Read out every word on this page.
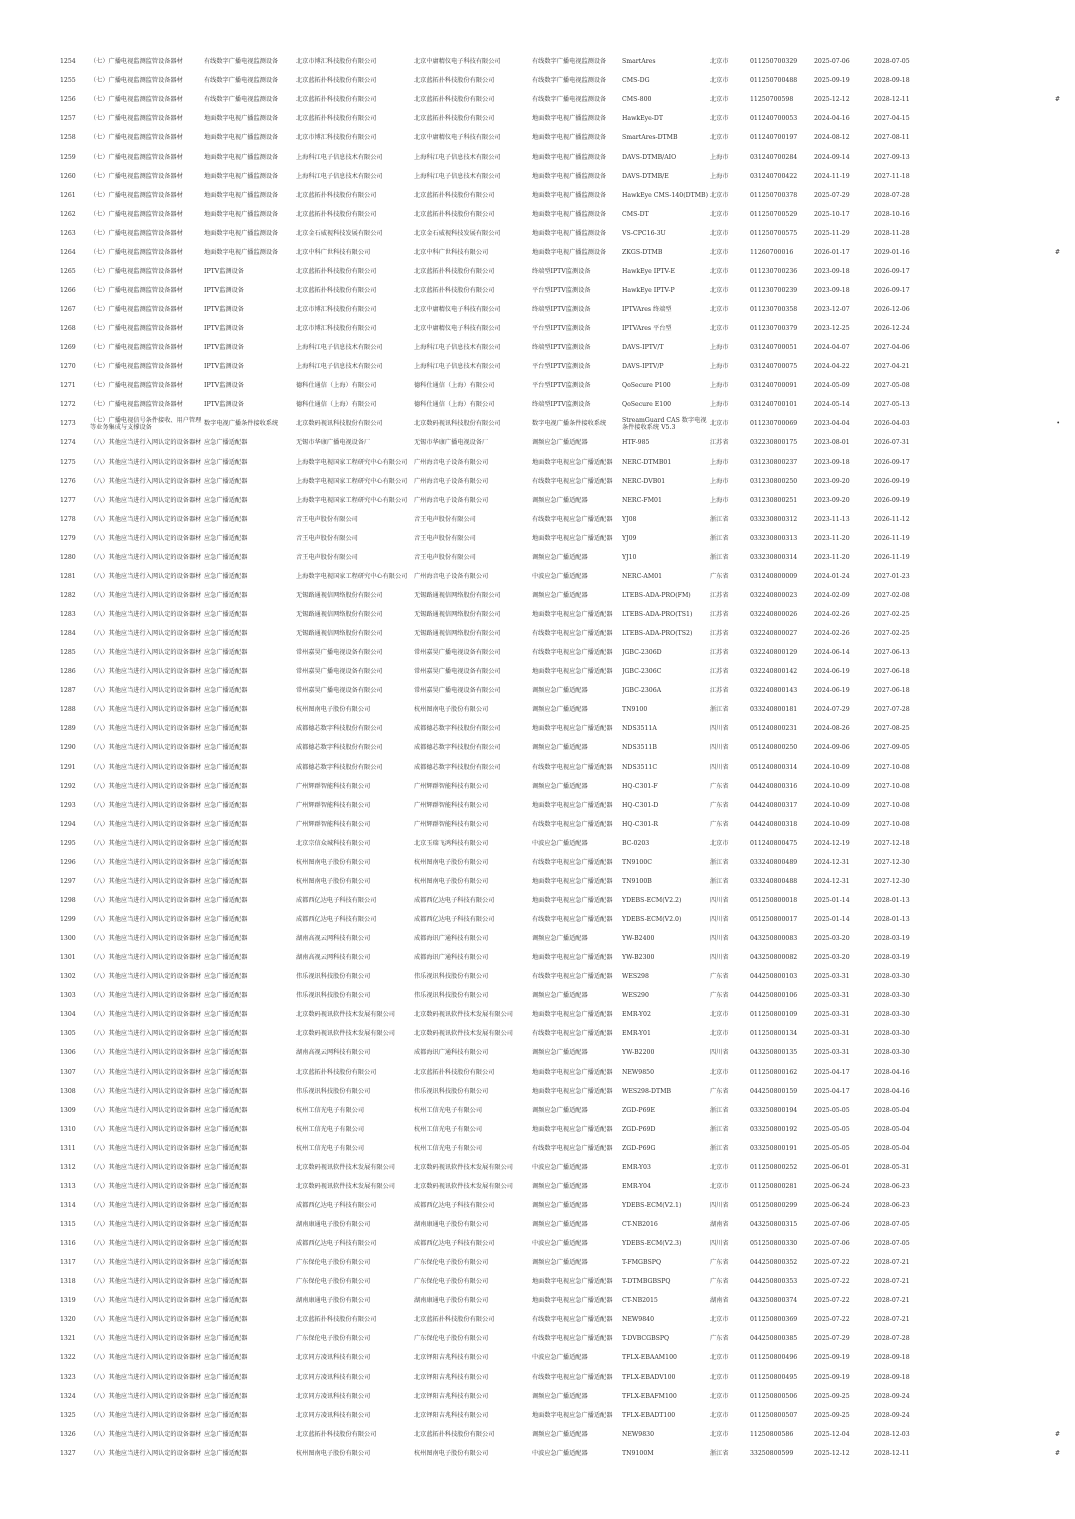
1254	（七）广播电视监测监管设备器材	有线数字广播电视监测设备	北京市博汇科技股份有限公司	北京中庸精仪电子科技有限公司	有线数字广播电视监测设备	SmartAres	北京市	011250700329	2025-07-06	2028-07-05	
1255	（七）广播电视监测监管设备器材	有线数字广播电视监测设备	北京蓝拓扑科技股份有限公司	北京蓝拓扑科技股份有限公司	有线数字广播电视监测设备	CMS-DG	北京市	011250700488	2025-09-19	2028-09-18	
1256	（七）广播电视监测监管设备器材	有线数字广播电视监测设备	北京蓝拓扑科技股份有限公司	北京蓝拓扑科技股份有限公司	有线数字广播电视监测设备	CMS-800	北京市	11250700598	2025-12-12	2028-12-11	#
1257	（七）广播电视监测监管设备器材	地面数字电视广播监测设备	北京蓝拓扑科技股份有限公司	北京蓝拓扑科技股份有限公司	地面数字电视广播监测设备	HawkEye-DT	北京市	011240700053	2024-04-16	2027-04-15	
1258	（七）广播电视监测监管设备器材	地面数字电视广播监测设备	北京市博汇科技股份有限公司	北京中庸精仪电子科技有限公司	地面数字电视广播监测设备	SmartAres-DTMB	北京市	011240700197	2024-08-12	2027-08-11	
1259	（七）广播电视监测监管设备器材	地面数字电视广播监测设备	上海科江电子信息技术有限公司	上海科江电子信息技术有限公司	地面数字电视广播监测设备	DAVS-DTMB/AIO	上海市	031240700284	2024-09-14	2027-09-13	
1260	（七）广播电视监测监管设备器材	地面数字电视广播监测设备	上海科江电子信息技术有限公司	上海科江电子信息技术有限公司	地面数字电视广播监测设备	DAVS-DTMB/E	上海市	031240700422	2024-11-19	2027-11-18	
1261	（七）广播电视监测监管设备器材	地面数字电视广播监测设备	北京蓝拓扑科技股份有限公司	北京蓝拓扑科技股份有限公司	地面数字电视广播监测设备	HawkEye CMS-140(DTMB)	北京市	011250700378	2025-07-29	2028-07-28	
1262	（七）广播电视监测监管设备器材	地面数字电视广播监测设备	北京蓝拓扑科技股份有限公司	北京蓝拓扑科技股份有限公司	地面数字电视广播监测设备	CMS-DT	北京市	011250700529	2025-10-17	2028-10-16	
1263	（七）广播电视监测监管设备器材	地面数字电视广播监测设备	北京金石威视科技发展有限公司	北京金石威视科技发展有限公司	地面数字电视广播监测设备	VS-CPC16-3U	北京市	011250700575	2025-11-29	2028-11-28	
1264	（七）广播电视监测监管设备器材	地面数字电视广播监测设备	北京中科广世科技有限公司	北京中科广世科技有限公司	地面数字电视广播监测设备	ZKGS-DTMB	北京市	11260700016	2026-01-17	2029-01-16	#
1265	（七）广播电视监测监管设备器材	IPTV监测设备	北京蓝拓扑科技股份有限公司	北京蓝拓扑科技股份有限公司	终端型IPTV监测设备	HawkEye IPTV-E	北京市	011230700236	2023-09-18	2026-09-17	
1266	（七）广播电视监测监管设备器材	IPTV监测设备	北京蓝拓扑科技股份有限公司	北京蓝拓扑科技股份有限公司	平台型IPTV监测设备	HawkEye IPTV-P	北京市	011230700239	2023-09-18	2026-09-17	
1267	（七）广播电视监测监管设备器材	IPTV监测设备	北京市博汇科技股份有限公司	北京中庸精仪电子科技有限公司	终端型IPTV监测设备	IPTVAres 终端型	北京市	011230700358	2023-12-07	2026-12-06	
1268	（七）广播电视监测监管设备器材	IPTV监测设备	北京市博汇科技股份有限公司	北京中庸精仪电子科技有限公司	平台型IPTV监测设备	IPTVAres 平台型	北京市	011230700379	2023-12-25	2026-12-24	
1269	（七）广播电视监测监管设备器材	IPTV监测设备	上海科江电子信息技术有限公司	上海科江电子信息技术有限公司	终端型IPTV监测设备	DAVS-IPTV/T	上海市	031240700051	2024-04-07	2027-04-06	
1270	（七）广播电视监测监管设备器材	IPTV监测设备	上海科江电子信息技术有限公司	上海科江电子信息技术有限公司	平台型IPTV监测设备	DAVS-IPTV/P	上海市	031240700075	2024-04-22	2027-04-21	
1271	（七）广播电视监测监管设备器材	IPTV监测设备	德科仕通信（上海）有限公司	德科仕通信（上海）有限公司	平台型IPTV监测设备	QoSecure P100	上海市	031240700091	2024-05-09	2027-05-08	
1272	（七）广播电视监测监管设备器材	IPTV监测设备	德科仕通信（上海）有限公司	德科仕通信（上海）有限公司	终端型IPTV监测设备	QoSecure E100	上海市	031240700101	2024-05-14	2027-05-13	
1273	（七）广播电视信号条件接收、用户管理等业务集成与支撑设备	数字电视广播条件接收系统	北京数码视讯科技股份有限公司	北京数码视讯科技股份有限公司	数字电视广播条件接收系统	StreamGuard CAS 数字电视条件接收系统 V5.3	北京市	011230700069	2023-04-04	2026-04-03	•
1274	（八）其他应当进行入网认定的设备器材	应急广播适配器	无锡市华康广播电视设备厂	无锡市华康广播电视设备厂	调频应急广播适配器	HTF-985	江苏省	032230800175	2023-08-01	2026-07-31	
1275	（八）其他应当进行入网认定的设备器材	应急广播适配器	上海数字电视国家工程研究中心有限公司	广州海音电子设备有限公司	地面数字电视应急广播适配器	NERC-DTMB01	上海市	031230800237	2023-09-18	2026-09-17	
1276	（八）其他应当进行入网认定的设备器材	应急广播适配器	上海数字电视国家工程研究中心有限公司	广州海音电子设备有限公司	有线数字电视应急广播适配器	NERC-DVB01	上海市	031230800250	2023-09-20	2026-09-19	
1277	（八）其他应当进行入网认定的设备器材	应急广播适配器	上海数字电视国家工程研究中心有限公司	广州海音电子设备有限公司	调频应急广播适配器	NERC-FM01	上海市	031230800251	2023-09-20	2026-09-19	
1278	（八）其他应当进行入网认定的设备器材	应急广播适配器	音王电声股份有限公司	音王电声股份有限公司	有线数字电视应急广播适配器	YJ08	浙江省	033230800312	2023-11-13	2026-11-12	
1279	（八）其他应当进行入网认定的设备器材	应急广播适配器	音王电声股份有限公司	音王电声股份有限公司	地面数字电视应急广播适配器	YJ09	浙江省	033230800313	2023-11-20	2026-11-19	
1280	（八）其他应当进行入网认定的设备器材	应急广播适配器	音王电声股份有限公司	音王电声股份有限公司	调频应急广播适配器	YJ10	浙江省	033230800314	2023-11-20	2026-11-19	
1281	（八）其他应当进行入网认定的设备器材	应急广播适配器	上海数字电视国家工程研究中心有限公司	广州海音电子设备有限公司	中波应急广播适配器	NERC-AM01	广东省	031240800009	2024-01-24	2027-01-23	
1282	（八）其他应当进行入网认定的设备器材	应急广播适配器	无锡路通视信网络股份有限公司	无锡路通视信网络股份有限公司	调频应急广播适配器	LTEBS-ADA-PRO(FM)	江苏省	032240800023	2024-02-09	2027-02-08	
1283	（八）其他应当进行入网认定的设备器材	应急广播适配器	无锡路通视信网络股份有限公司	无锡路通视信网络股份有限公司	地面数字电视应急广播适配器	LTEBS-ADA-PRO(TS1)	江苏省	032240800026	2024-02-26	2027-02-25	
1284	（八）其他应当进行入网认定的设备器材	应急广播适配器	无锡路通视信网络股份有限公司	无锡路通视信网络股份有限公司	有线数字电视应急广播适配器	LTEBS-ADA-PRO(TS2)	江苏省	032240800027	2024-02-26	2027-02-25	
1285	（八）其他应当进行入网认定的设备器材	应急广播适配器	常州嘉昊广播电视设备有限公司	常州嘉昊广播电视设备有限公司	有线数字电视应急广播适配器	JGBC-2306D	江苏省	032240800129	2024-06-14	2027-06-13	
1286	（八）其他应当进行入网认定的设备器材	应急广播适配器	常州嘉昊广播电视设备有限公司	常州嘉昊广播电视设备有限公司	地面数字电视应急广播适配器	JGBC-2306C	江苏省	032240800142	2024-06-19	2027-06-18	
1287	（八）其他应当进行入网认定的设备器材	应急广播适配器	常州嘉昊广播电视设备有限公司	常州嘉昊广播电视设备有限公司	调频应急广播适配器	JGBC-2306A	江苏省	032240800143	2024-06-19	2027-06-18	
1288	（八）其他应当进行入网认定的设备器材	应急广播适配器	杭州图南电子股份有限公司	杭州图南电子股份有限公司	调频应急广播适配器	TN9100	浙江省	033240800181	2024-07-29	2027-07-28	
1289	（八）其他应当进行入网认定的设备器材	应急广播适配器	成都德芯数字科技股份有限公司	成都德芯数字科技股份有限公司	地面数字电视应急广播适配器	NDS3511A	四川省	051240800231	2024-08-26	2027-08-25	
1290	（八）其他应当进行入网认定的设备器材	应急广播适配器	成都德芯数字科技股份有限公司	成都德芯数字科技股份有限公司	调频应急广播适配器	NDS3511B	四川省	051240800250	2024-09-06	2027-09-05	
1291	（八）其他应当进行入网认定的设备器材	应急广播适配器	成都德芯数字科技股份有限公司	成都德芯数字科技股份有限公司	有线数字电视应急广播适配器	NDS3511C	四川省	051240800314	2024-10-09	2027-10-08	
1292	（八）其他应当进行入网认定的设备器材	应急广播适配器	广州辉群智能科技有限公司	广州辉群智能科技有限公司	调频应急广播适配器	HQ-C301-F	广东省	044240800316	2024-10-09	2027-10-08	
1293	（八）其他应当进行入网认定的设备器材	应急广播适配器	广州辉群智能科技有限公司	广州辉群智能科技有限公司	地面数字电视应急广播适配器	HQ-C301-D	广东省	044240800317	2024-10-09	2027-10-08	
1294	（八）其他应当进行入网认定的设备器材	应急广播适配器	广州辉群智能科技有限公司	广州辉群智能科技有限公司	有线数字电视应急广播适配器	HQ-C301-R	广东省	044240800318	2024-10-09	2027-10-08	
1295	（八）其他应当进行入网认定的设备器材	应急广播适配器	北京宗信众城科技有限公司	北京玉瑞飞鸿科技有限公司	中波应急广播适配器	BC-0203	北京市	011240800475	2024-12-19	2027-12-18	
1296	（八）其他应当进行入网认定的设备器材	应急广播适配器	杭州图南电子股份有限公司	杭州图南电子股份有限公司	有线数字电视应急广播适配器	TN9100C	浙江省	033240800489	2024-12-31	2027-12-30	
1297	（八）其他应当进行入网认定的设备器材	应急广播适配器	杭州图南电子股份有限公司	杭州图南电子股份有限公司	地面数字电视应急广播适配器	TN9100B	浙江省	033240800488	2024-12-31	2027-12-30	
1298	（八）其他应当进行入网认定的设备器材	应急广播适配器	成都西亿达电子科技有限公司	成都西亿达电子科技有限公司	地面数字电视应急广播适配器	YDEBS-ECM(V2.2)	四川省	051250800018	2025-01-14	2028-01-13	
1299	（八）其他应当进行入网认定的设备器材	应急广播适配器	成都西亿达电子科技有限公司	成都西亿达电子科技有限公司	有线数字电视应急广播适配器	YDEBS-ECM(V2.0)	四川省	051250800017	2025-01-14	2028-01-13	
1300	（八）其他应当进行入网认定的设备器材	应急广播适配器	湖南高视云网科技有限公司	成都海讯广通科技有限公司	调频应急广播适配器	YW-B2400	四川省	043250800083	2025-03-20	2028-03-19	
1301	（八）其他应当进行入网认定的设备器材	应急广播适配器	湖南高视云网科技有限公司	成都海讯广通科技有限公司	地面数字电视应急广播适配器	YW-B2300	四川省	043250800082	2025-03-20	2028-03-19	
1302	（八）其他应当进行入网认定的设备器材	应急广播适配器	伟乐视讯科技股份有限公司	伟乐视讯科技股份有限公司	有线数字电视应急广播适配器	WES298	广东省	044250800103	2025-03-31	2028-03-30	
1303	（八）其他应当进行入网认定的设备器材	应急广播适配器	伟乐视讯科技股份有限公司	伟乐视讯科技股份有限公司	调频应急广播适配器	WES290	广东省	044250800106	2025-03-31	2028-03-30	
1304	（八）其他应当进行入网认定的设备器材	应急广播适配器	北京数码视讯软件技术发展有限公司	北京数码视讯软件技术发展有限公司	地面数字电视应急广播适配器	EMR-Y02	北京市	011250800109	2025-03-31	2028-03-30	
1305	（八）其他应当进行入网认定的设备器材	应急广播适配器	北京数码视讯软件技术发展有限公司	北京数码视讯软件技术发展有限公司	有线数字电视应急广播适配器	EMR-Y01	北京市	011250800134	2025-03-31	2028-03-30	
1306	（八）其他应当进行入网认定的设备器材	应急广播适配器	湖南高视云网科技有限公司	成都海讯广通科技有限公司	调频应急广播适配器	YW-B2200	四川省	043250800135	2025-03-31	2028-03-30	
1307	（八）其他应当进行入网认定的设备器材	应急广播适配器	北京蓝拓扑科技股份有限公司	北京蓝拓扑科技股份有限公司	地面数字电视应急广播适配器	NEW9850	北京市	011250800162	2025-04-17	2028-04-16	
1308	（八）其他应当进行入网认定的设备器材	应急广播适配器	伟乐视讯科技股份有限公司	伟乐视讯科技股份有限公司	地面数字电视应急广播适配器	WES298-DTMB	广东省	044250800159	2025-04-17	2028-04-16	
1309	（八）其他应当进行入网认定的设备器材	应急广播适配器	杭州工信光电子有限公司	杭州工信光电子有限公司	调频应急广播适配器	ZGD-P69E	浙江省	033250800194	2025-05-05	2028-05-04	
1310	（八）其他应当进行入网认定的设备器材	应急广播适配器	杭州工信光电子有限公司	杭州工信光电子有限公司	地面数字电视应急广播适配器	ZGD-P69D	浙江省	033250800192	2025-05-05	2028-05-04	
1311	（八）其他应当进行入网认定的设备器材	应急广播适配器	杭州工信光电子有限公司	杭州工信光电子有限公司	有线数字电视应急广播适配器	ZGD-P69G	浙江省	033250800191	2025-05-05	2028-05-04	
1312	（八）其他应当进行入网认定的设备器材	应急广播适配器	北京数码视讯软件技术发展有限公司	北京数码视讯软件技术发展有限公司	中波应急广播适配器	EMR-Y03	北京市	011250800252	2025-06-01	2028-05-31	
1313	（八）其他应当进行入网认定的设备器材	应急广播适配器	北京数码视讯软件技术发展有限公司	北京数码视讯软件技术发展有限公司	调频应急广播适配器	EMR-Y04	北京市	011250800281	2025-06-24	2028-06-23	
1314	（八）其他应当进行入网认定的设备器材	应急广播适配器	成都西亿达电子科技有限公司	成都西亿达电子科技有限公司	调频应急广播适配器	YDEBS-ECM(V2.1)	四川省	051250800299	2025-06-24	2028-06-23	
1315	（八）其他应当进行入网认定的设备器材	应急广播适配器	湖南康通电子股份有限公司	湖南康通电子股份有限公司	调频应急广播适配器	CT-NB2016	湖南省	043250800315	2025-07-06	2028-07-05	
1316	（八）其他应当进行入网认定的设备器材	应急广播适配器	成都西亿达电子科技有限公司	成都西亿达电子科技有限公司	中波应急广播适配器	YDEBS-ECM(V2.3)	四川省	051250800330	2025-07-06	2028-07-05	
1317	（八）其他应当进行入网认定的设备器材	应急广播适配器	广东保伦电子股份有限公司	广东保伦电子股份有限公司	调频应急广播适配器	T-FMGBSPQ	广东省	044250800352	2025-07-22	2028-07-21	
1318	（八）其他应当进行入网认定的设备器材	应急广播适配器	广东保伦电子股份有限公司	广东保伦电子股份有限公司	地面数字电视应急广播适配器	T-DTMBGBSPQ	广东省	044250800353	2025-07-22	2028-07-21	
1319	（八）其他应当进行入网认定的设备器材	应急广播适配器	湖南康通电子股份有限公司	湖南康通电子股份有限公司	地面数字电视应急广播适配器	CT-NB2015	湖南省	043250800374	2025-07-22	2028-07-21	
1320	（八）其他应当进行入网认定的设备器材	应急广播适配器	北京蓝拓扑科技股份有限公司	北京蓝拓扑科技股份有限公司	有线数字电视应急广播适配器	NEW9840	北京市	011250800369	2025-07-22	2028-07-21	
1321	（八）其他应当进行入网认定的设备器材	应急广播适配器	广东保伦电子股份有限公司	广东保伦电子股份有限公司	有线数字电视应急广播适配器	T-DVBCGBSPQ	广东省	044250800385	2025-07-29	2028-07-28	
1322	（八）其他应当进行入网认定的设备器材	应急广播适配器	北京同方凌讯科技有限公司	北京铎阳吉兆科技有限公司	中波应急广播适配器	TFLX-EBAAM100	北京市	011250800496	2025-09-19	2028-09-18	
1323	（八）其他应当进行入网认定的设备器材	应急广播适配器	北京同方凌讯科技有限公司	北京铎阳吉兆科技有限公司	有线数字电视应急广播适配器	TFLX-EBADV100	北京市	011250800495	2025-09-19	2028-09-18	
1324	（八）其他应当进行入网认定的设备器材	应急广播适配器	北京同方凌讯科技有限公司	北京铎阳吉兆科技有限公司	调频应急广播适配器	TFLX-EBAFM100	北京市	011250800506	2025-09-25	2028-09-24	
1325	（八）其他应当进行入网认定的设备器材	应急广播适配器	北京同方凌讯科技有限公司	北京铎阳吉兆科技有限公司	地面数字电视应急广播适配器	TFLX-EBADT100	北京市	011250800507	2025-09-25	2028-09-24	
1326	（八）其他应当进行入网认定的设备器材	应急广播适配器	北京蓝拓扑科技股份有限公司	北京蓝拓扑科技股份有限公司	调频应急广播适配器	NEW9830	北京市	11250800586	2025-12-04	2028-12-03	#
1327	（八）其他应当进行入网认定的设备器材	应急广播适配器	杭州图南电子股份有限公司	杭州图南电子股份有限公司	中波应急广播适配器	TN9100M	浙江省	33250800599	2025-12-12	2028-12-11	#
